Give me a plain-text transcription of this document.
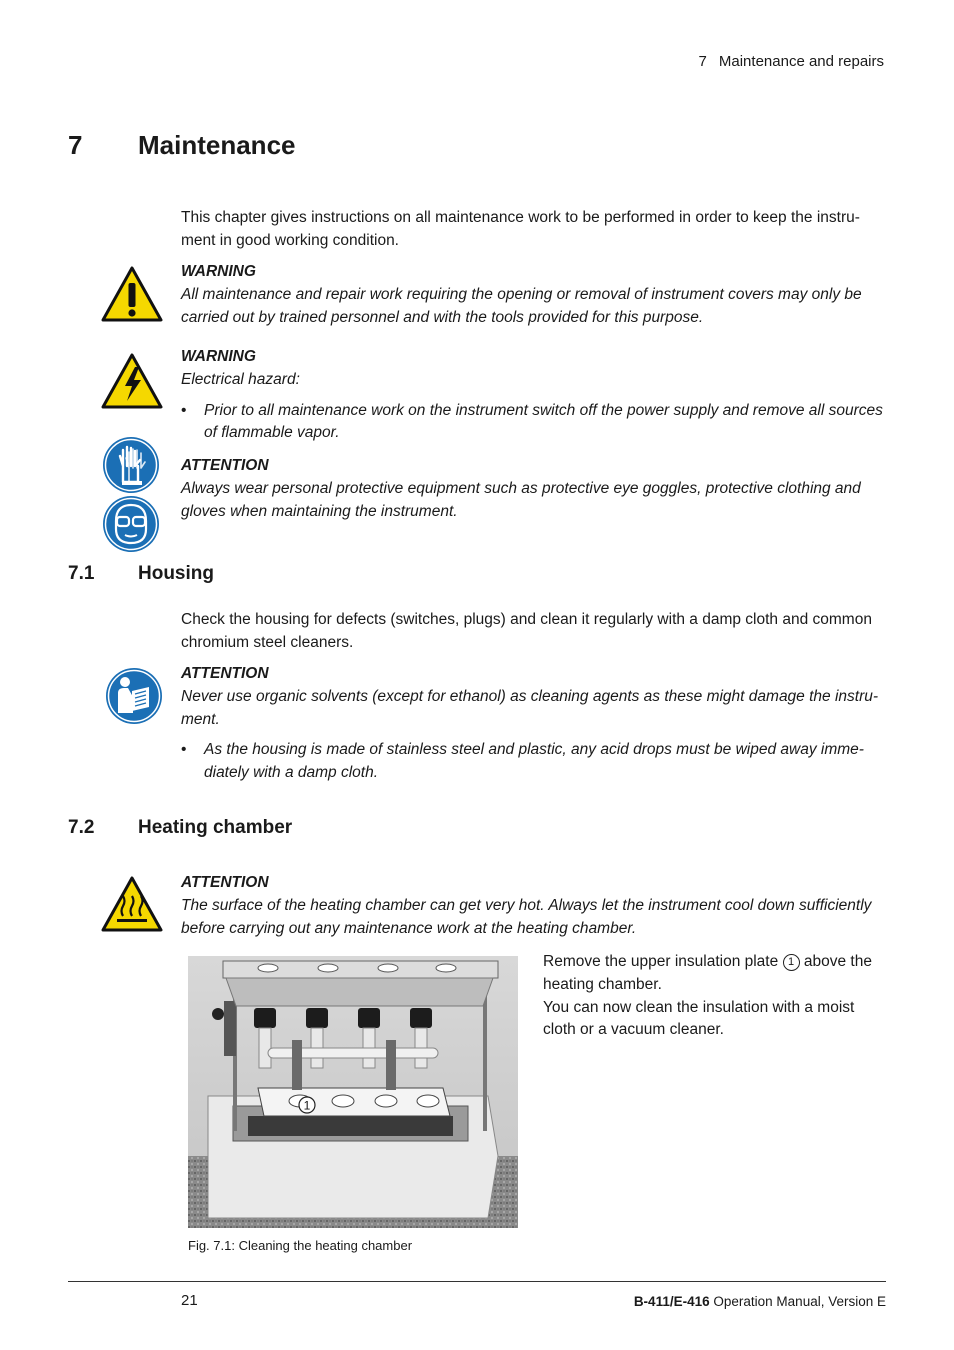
7 Maintenance and repairs
7 Maintenance
This chapter gives instructions on all maintenance work to be performed in order to keep the instru-ment in good working condition.
WARNING
All maintenance and repair work requiring the opening or removal of instrument covers may only be carried out by trained personnel and with the tools provided for this purpose.
WARNING
Electrical hazard:
• Prior to all maintenance work on the instrument switch off the power supply and remove all sources of flammable vapor.
ATTENTION
Always wear personal protective equipment such as protective eye goggles, protective clothing and gloves when maintaining the instrument.
7.1 Housing
Check the housing for defects (switches, plugs) and clean it regularly with a damp cloth and common chromium steel cleaners.
ATTENTION
Never use organic solvents (except for ethanol) as cleaning agents as these might damage the instru-ment.
• As the housing is made of stainless steel and plastic, any acid drops must be wiped away imme-diately with a damp cloth.
7.2 Heating chamber
ATTENTION
The surface of the heating chamber can get very hot. Always let the instrument cool down sufficiently before carrying out any maintenance work at the heating chamber.
1
Fig. 7.1: Cleaning the heating chamber
Remove the upper insulation plate 1 above the heating chamber.
You can now clean the insulation with a moist cloth or a vacuum cleaner.
21	B-411/E-416 Operation Manual, Version E
